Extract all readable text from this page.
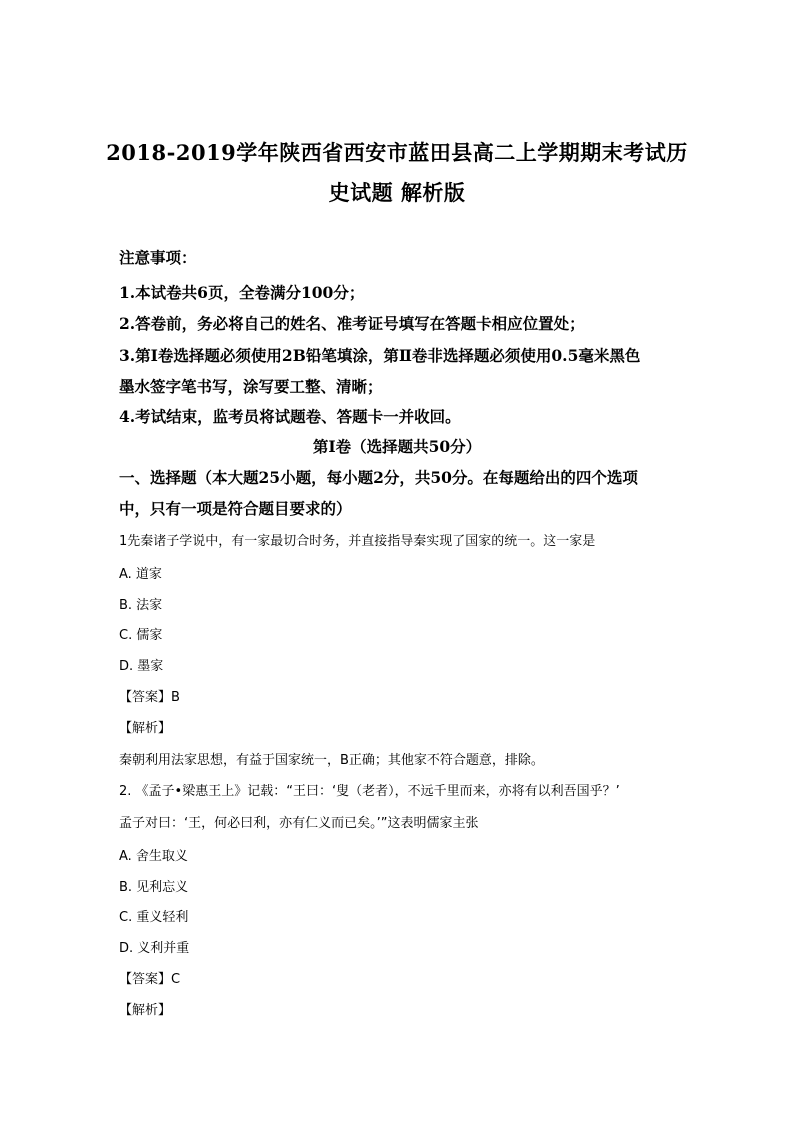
2018-2019学年陕西省西安市蓝田县高二上学期期末考试历
史试题 解析版
注意事项：
1.本试卷共6页，全卷满分100分；
2.答卷前，务必将自己的姓名、准考证号填写在答题卡相应位置处；
3.第Ⅰ卷选择题必须使用2B铅笔填涂，第Ⅱ卷非选择题必须使用0.5毫米黑色
墨水签字笔书写，涂写要工整、清晰；
4.考试结束，监考员将试题卷、答题卡一并收回。
第Ⅰ卷（选择题共50分）
一、选择题（本大题25小题，每小题2分，共50分。在每题给出的四个选项
中，只有一项是符合题目要求的）
1先秦诸子学说中，有一家最切合时务，并直接指导秦实现了国家的统一。这一家是
A. 道家
B. 法家
C. 儒家
D. 墨家
【答案】B
【解析】
秦朝利用法家思想，有益于国家统一，B正确；其他家不符合题意，排除。
2. 《孟子•梁惠王上》记载：“王曰：‘叟（老者），不远千里而来，亦将有以利吾国乎？’
孟子对曰：‘王，何必曰利，亦有仁义而已矣。’”这表明儒家主张
A. 舍生取义
B. 见利忘义
C. 重义轻利
D. 义利并重
【答案】C
【解析】
